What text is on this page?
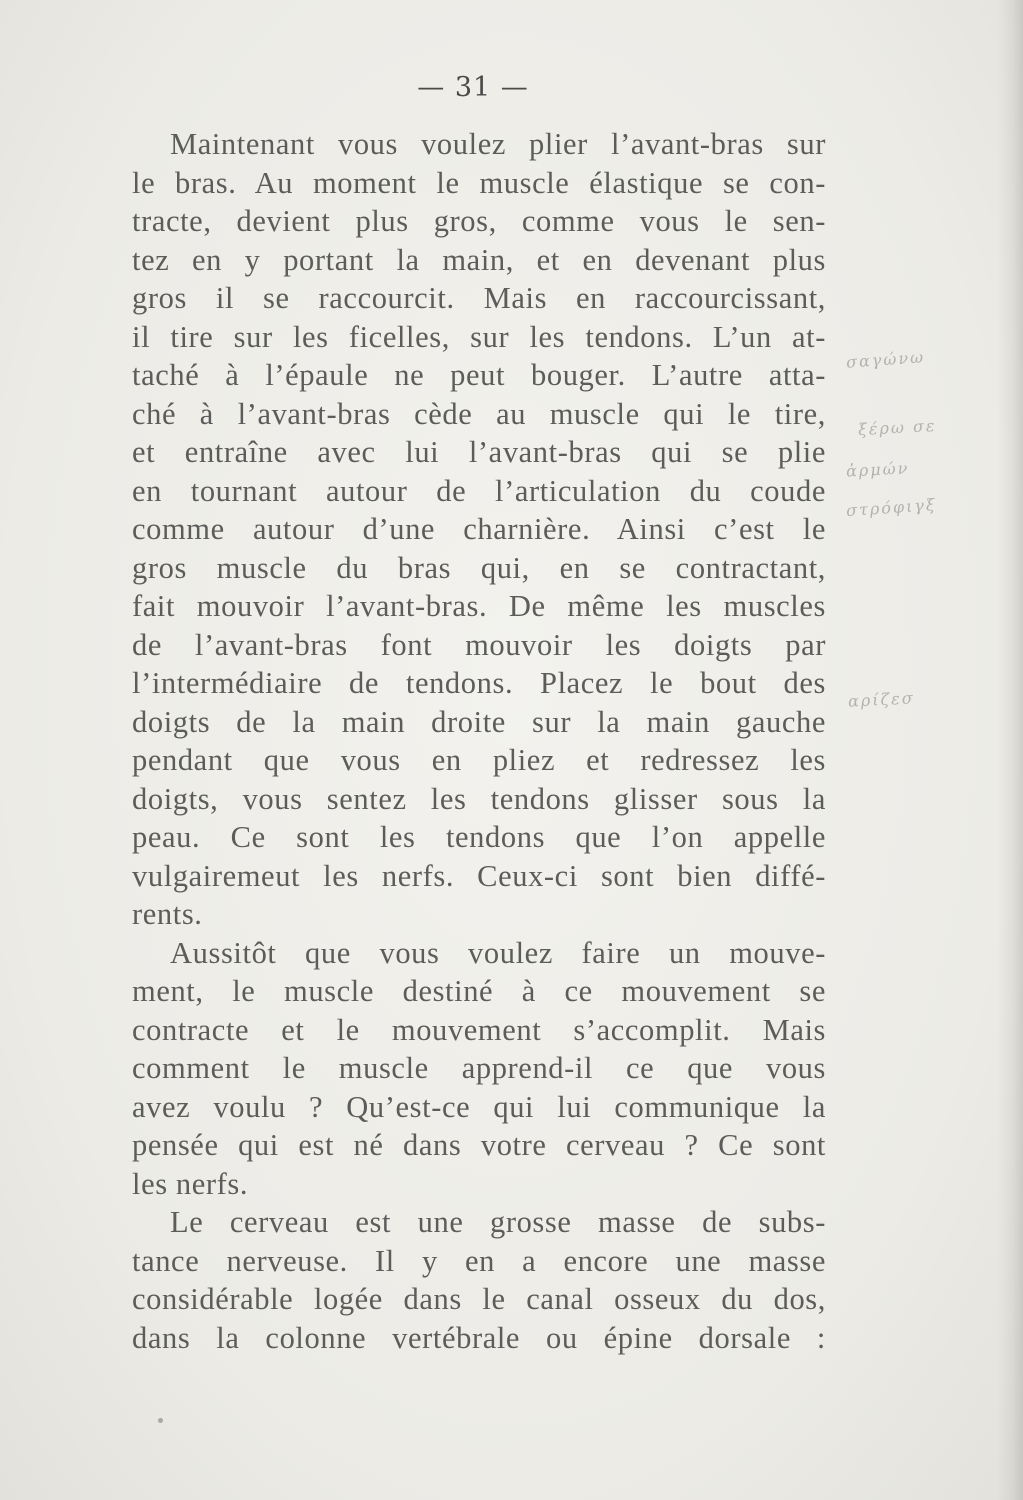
— 31 —
Maintenant vous voulez plier l’avant-bras sur
le bras. Au moment le muscle élastique se con-
tracte, devient plus gros, comme vous le sen-
tez en y portant la main, et en devenant plus
gros il se raccourcit. Mais en raccourcissant,
il tire sur les ficelles, sur les tendons. L’un at-
taché à l’épaule ne peut bouger. L’autre atta-
ché à l’avant-bras cède au muscle qui le tire,
et entraîne avec lui l’avant-bras qui se plie
en tournant autour de l’articulation du coude
comme autour d’une charnière. Ainsi c’est le
gros muscle du bras qui, en se contractant,
fait mouvoir l’avant-bras. De même les muscles
de l’avant-bras font mouvoir les doigts par
l’intermédiaire de tendons. Placez le bout des
doigts de la main droite sur la main gauche
pendant que vous en pliez et redressez les
doigts, vous sentez les tendons glisser sous la
peau. Ce sont les tendons que l’on appelle
vulgairemeut les nerfs. Ceux-ci sont bien diffé-
rents.
Aussitôt que vous voulez faire un mouve-
ment, le muscle destiné à ce mouvement se
contracte et le mouvement s’accomplit. Mais
comment le muscle apprend-il ce que vous
avez voulu ? Qu’est-ce qui lui communique la
pensée qui est né dans votre cerveau ? Ce sont
les nerfs.
Le cerveau est une grosse masse de subs-
tance nerveuse. Il y en a encore une masse
considérable logée dans le canal osseux du dos,
dans la colonne vertébrale ou épine dorsale :
σαγώνω
ξέρω σε
ἀρμών
στρόφιγξ
αρίζεσ
